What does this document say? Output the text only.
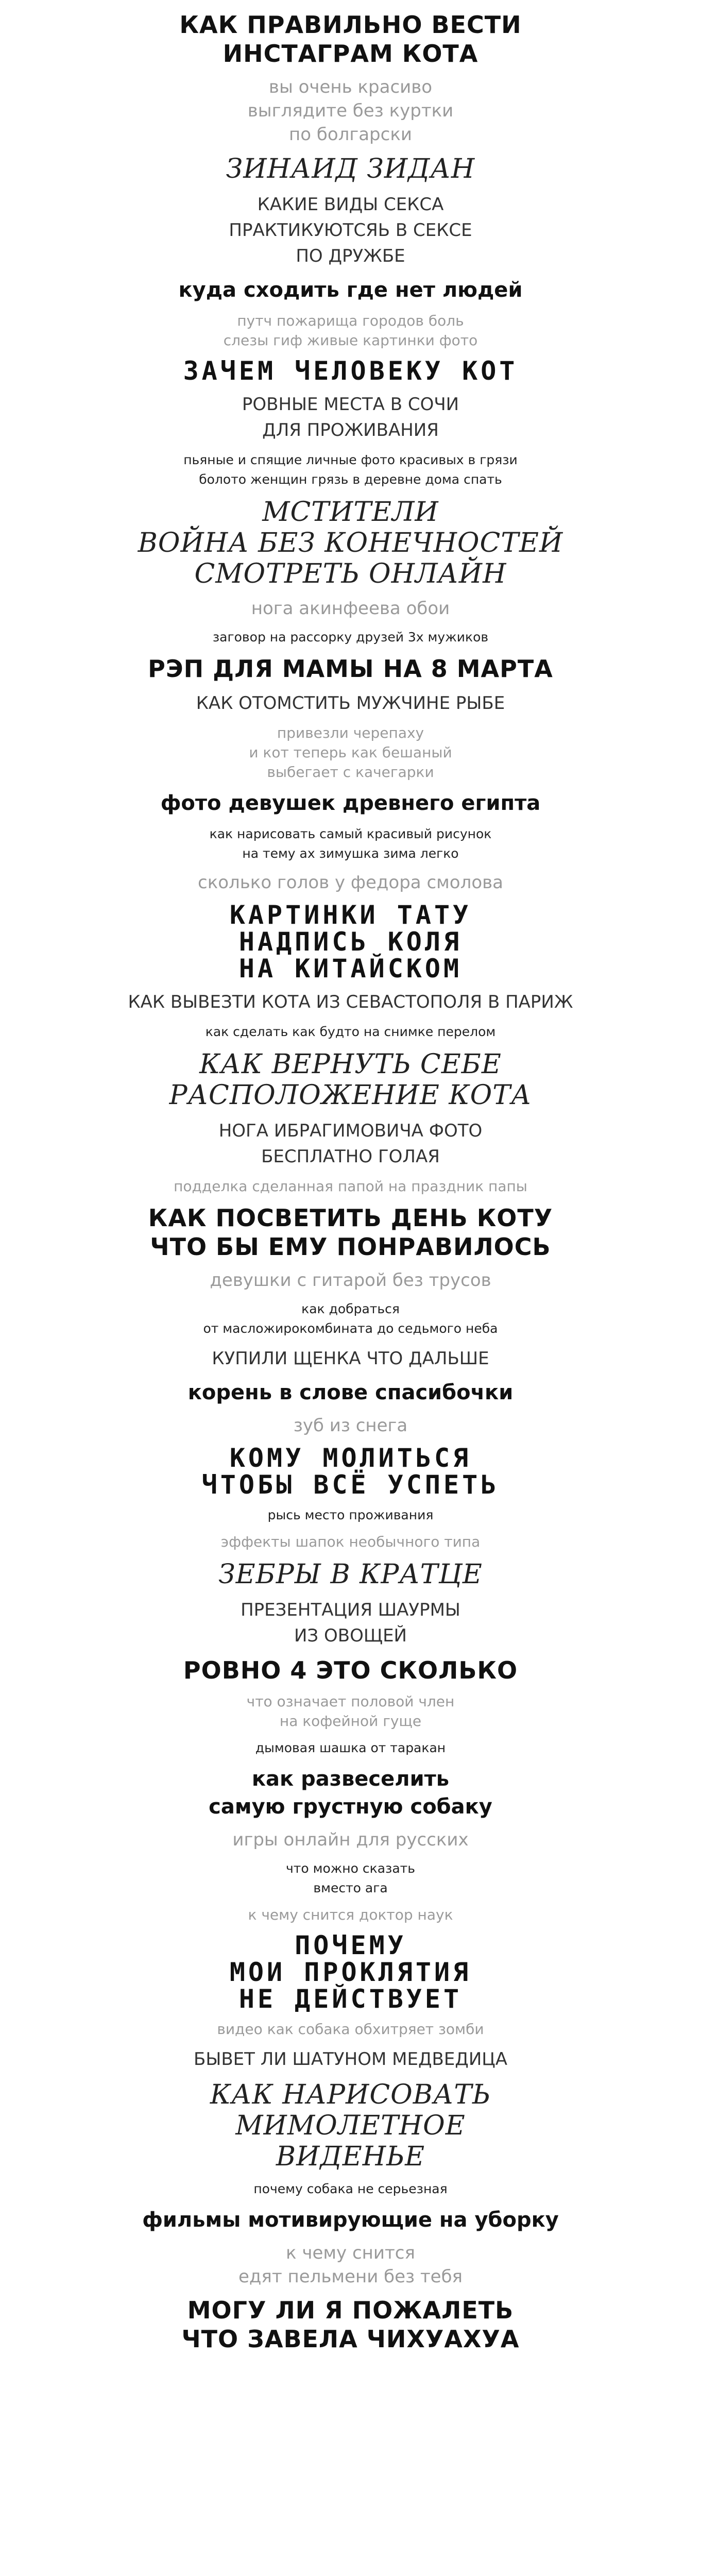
КАК ПРАВИЛЬНО ВЕСТИ
ИНСТАГРАМ КОТА
вы очень красиво
выглядите без куртки
по болгарски
ЗИНАИД ЗИДАН
КАКИЕ ВИДЫ СЕКСА
ПРАКТИКУЮТСЯЬ В СЕКСЕ
ПО ДРУЖБЕ
куда сходить где нет людей
путч пожарища городов боль
слезы гиф живые картинки фото
ЗАЧЕМ ЧЕЛОВЕКУ КОТ
РОВНЫЕ МЕСТА В СОЧИ
ДЛЯ ПРОЖИВАНИЯ
пьяные и спящие личные фото красивых в грязи
болото женщин грязь в деревне дома спать
МСТИТЕЛИ
ВОЙНА БЕЗ КОНЕЧНОСТЕЙ
СМОТРЕТЬ ОНЛАЙН
нога акинфеева обои
заговор на рассорку друзей 3х мужиков
РЭП ДЛЯ МАМЫ НА 8 МАРТА
КАК ОТОМСТИТЬ МУЖЧИНЕ РЫБЕ
привезли черепаху
и кот теперь как бешаный
выбегает с качегарки
фото девушек древнего египта
как нарисовать самый красивый рисунок
на тему ах зимушка зима легко
сколько голов у федора смолова
КАРТИНКИ ТАТУ
НАДПИСЬ КОЛЯ
НА КИТАЙСКОМ
КАК ВЫВЕЗТИ КОТА ИЗ СЕВАСТОПОЛЯ В ПАРИЖ
как сделать как будто на снимке перелом
КАК ВЕРНУТЬ СЕБЕ
РАСПОЛОЖЕНИЕ КОТА
НОГА ИБРАГИМОВИЧА ФОТО
БЕСПЛАТНО ГОЛАЯ
подделка сделанная папой на праздник папы
КАК ПОСВЕТИТЬ ДЕНЬ КОТУ
ЧТО БЫ ЕМУ ПОНРАВИЛОСЬ
девушки с гитарой без трусов
как добраться
от масложирокомбината до седьмого неба
КУПИЛИ ЩЕНКА ЧТО ДАЛЬШЕ
корень в слове спасибочки
зуб из снега
КОМУ МОЛИТЬСЯ
ЧТОБЫ ВСЁ УСПЕТЬ
рысь место проживания
эффекты шапок необычного типа
ЗЕБРЫ В КРАТЦЕ
ПРЕЗЕНТАЦИЯ ШАУРМЫ
ИЗ ОВОЩЕЙ
РОВНО 4 ЭТО СКОЛЬКО
что означает половой член
на кофейной гуще
дымовая шашка от таракан
как развеселить
самую грустную собаку
игры онлайн для русских
что можно сказать
вместо ага
к чему снится доктор наук
ПОЧЕМУ
МОИ ПРОКЛЯТИЯ
НЕ ДЕЙСТВУЕТ
видео как собака обхитряет зомби
БЫВЕТ ЛИ ШАТУНОМ МЕДВЕДИЦА
КАК НАРИСОВАТЬ
МИМОЛЕТНОЕ
ВИДЕНЬЕ
почему собака не серьезная
фильмы мотивирующие на уборку
к чему снится
едят пельмени без тебя
МОГУ ЛИ Я ПОЖАЛЕТЬ
ЧТО ЗАВЕЛА ЧИХУАХУА
